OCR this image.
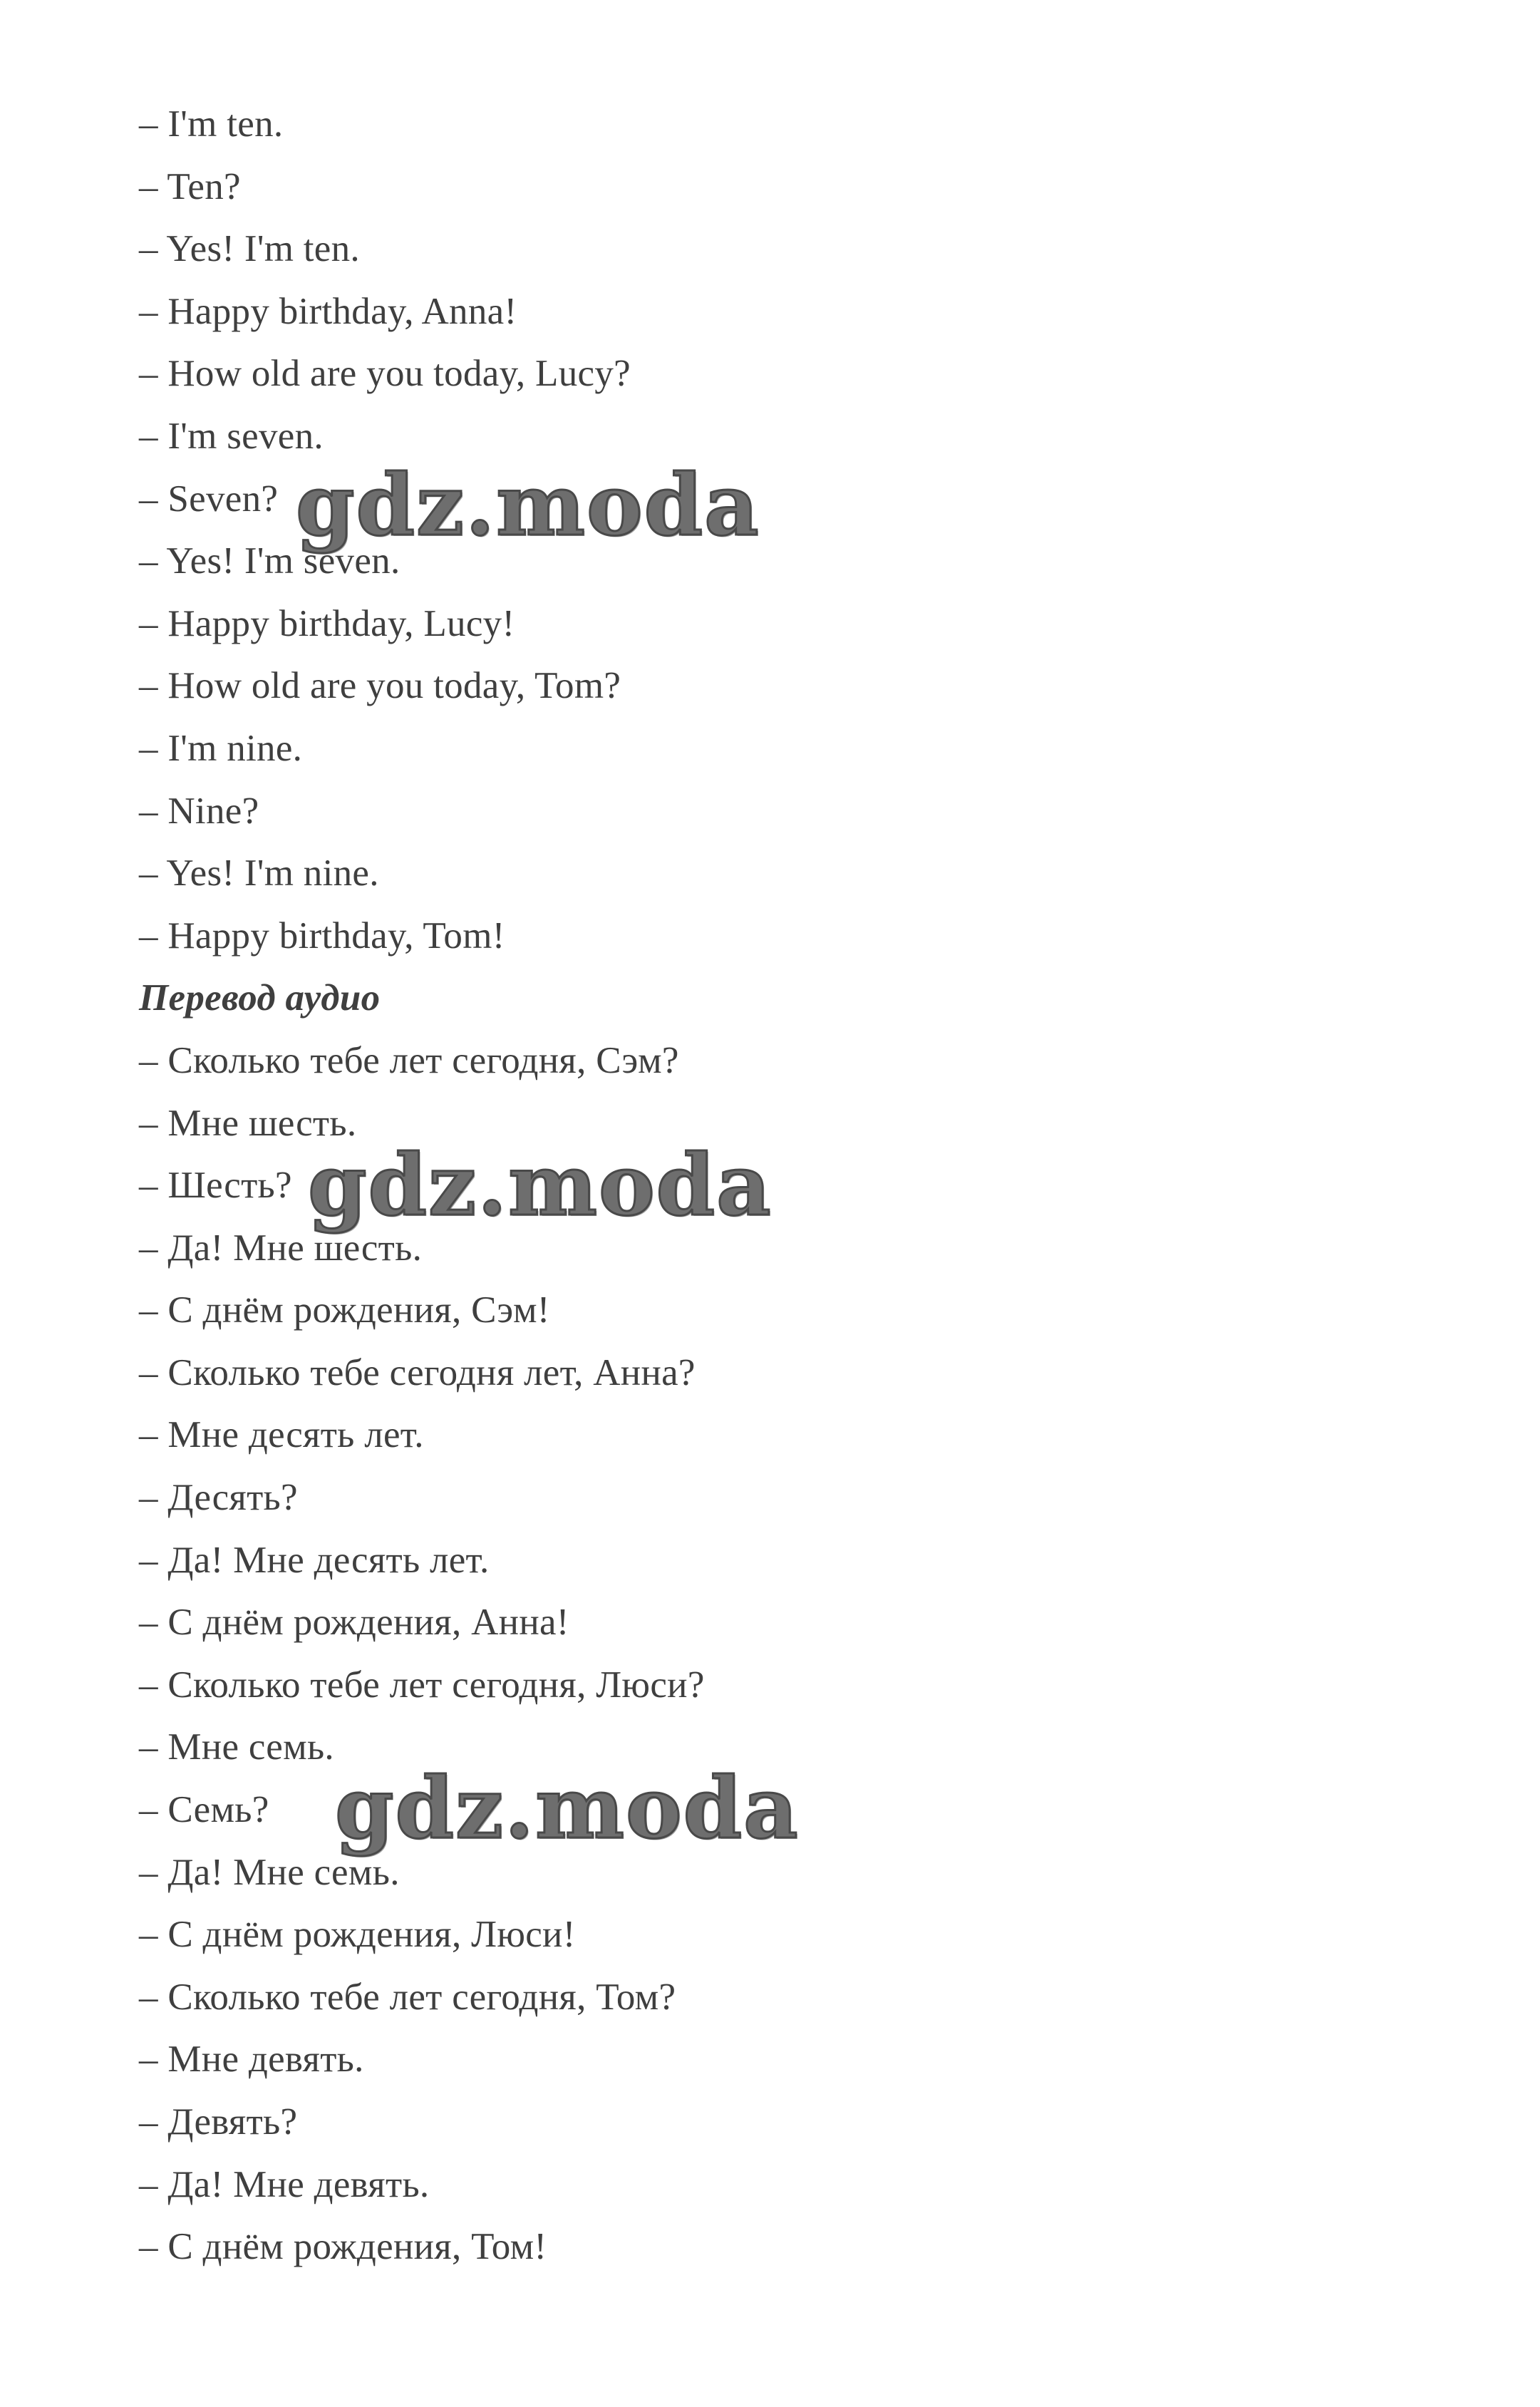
– I'm ten.
– Ten?
– Yes! I'm ten.
– Happy birthday, Anna!
– How old are you today, Lucy?
– I'm seven.
– Seven?
– Yes! I'm seven.
– Happy birthday, Lucy!
– How old are you today, Tom?
– I'm nine.
– Nine?
– Yes! I'm nine.
– Happy birthday, Tom!
Перевод аудио
– Сколько тебе лет сегодня, Сэм?
– Мне шесть.
– Шесть?
– Да! Мне шесть.
– С днём рождения, Сэм!
– Сколько тебе сегодня лет, Анна?
– Мне десять лет.
– Десять?
– Да! Мне десять лет.
– С днём рождения, Анна!
– Сколько тебе лет сегодня, Люси?
– Мне семь.
– Семь?
– Да! Мне семь.
– С днём рождения, Люси!
– Сколько тебе лет сегодня, Том?
– Мне девять.
– Девять?
– Да! Мне девять.
– С днём рождения, Том!
gdz.moda
gdz.moda
gdz.moda
